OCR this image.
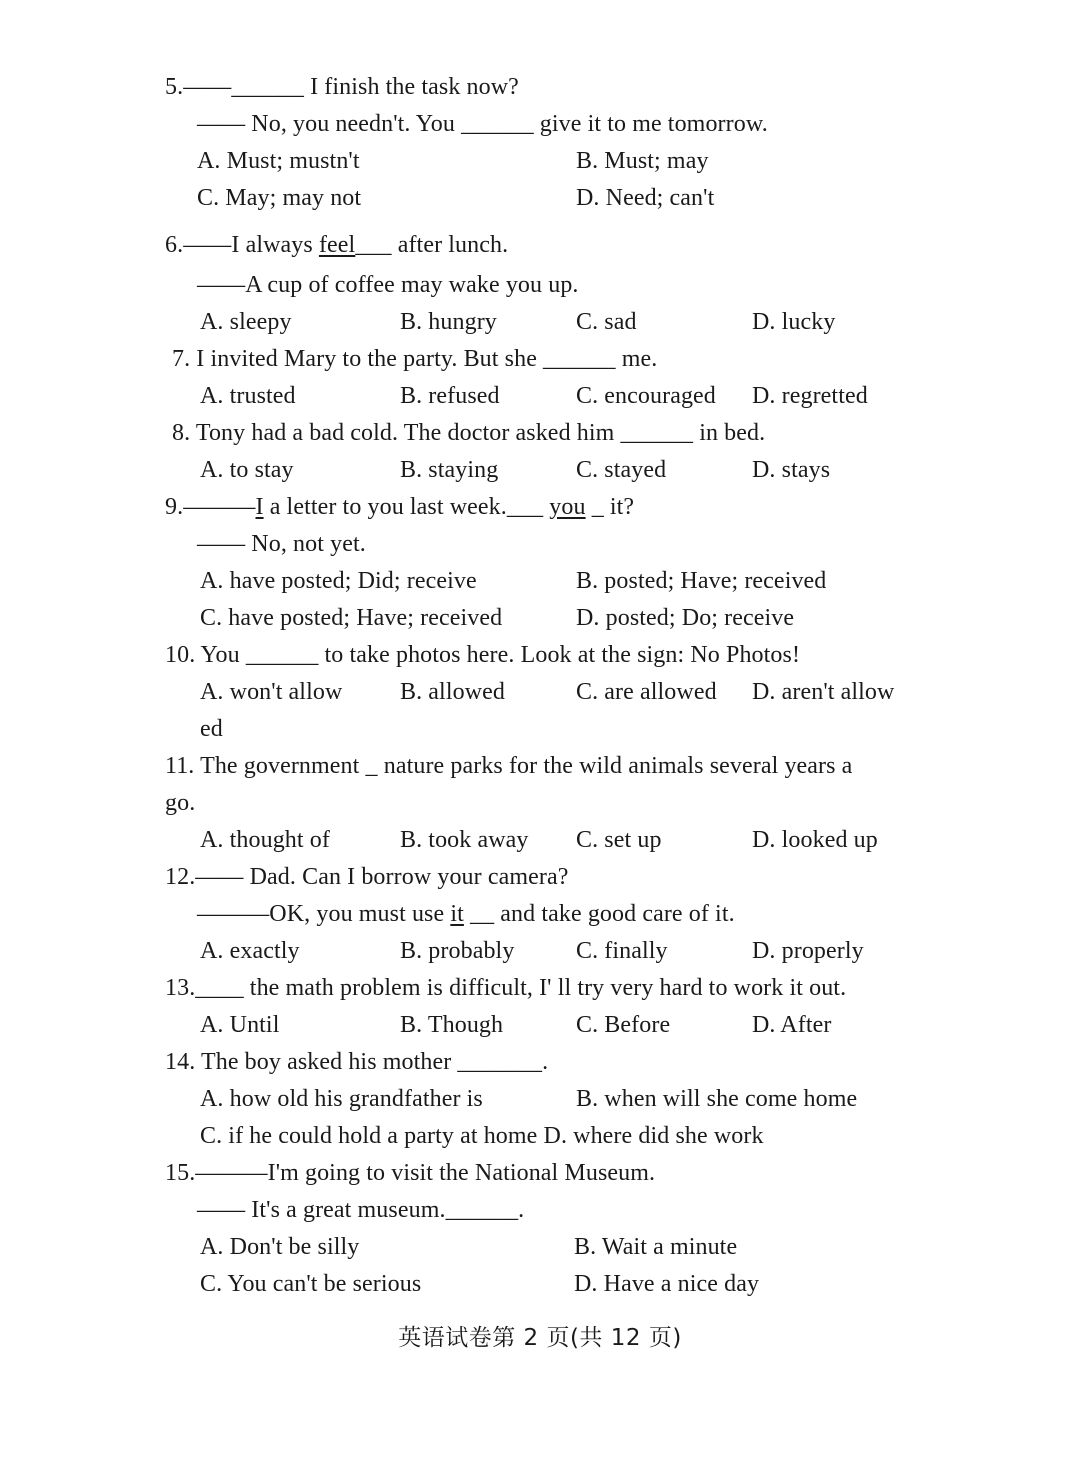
5.——______ I finish the task now?
—— No, you needn't. You ______ give it to me tomorrow.
A. Must; mustn't	B. Must; may
C. May; may not	D. Need; can't
6.——I always feel___ after lunch.
——A cup of coffee may wake you up.
A. sleepy	B. hungry	C. sad	D. lucky
7. I invited Mary to the party. But she ______ me.
A. trusted	B. refused	C. encouraged D. regretted
8. Tony had a bad cold. The doctor asked him ______ in bed.
A. to stay	B. staying	C. stayed	D. stays
9.———I a letter to you last week.___ you _ it?
—— No, not yet.
A. have posted; Did; receive	B. posted; Have; received
C. have posted; Have; received	D. posted; Do; receive
10. You ______ to take photos here. Look at the sign: No Photos!
A. won't allow B. allowed	C. are allowed D. aren't allow
ed
11. The government _ nature parks for the wild animals several years a
go.
A. thought of	B. took away C. set up	D. looked up
12.—— Dad. Can I borrow your camera?
———OK, you must use it __ and take good care of it.
A. exactly	B. probably	C. finally	D. properly
13.____ the math problem is difficult, I' ll try very hard to work it out.
A. Until	B. Though	C. Before	D. After
14. The boy asked his mother _______.
A. how old his grandfather is	B. when will she come home
C. if he could hold a party at home D. where did she work
15.———I'm going to visit the National Museum.
—— It's a great museum.______.
A. Don't be silly	B. Wait a minute
C. You can't be serious	D. Have a nice day
英语试卷第 2 页(共 12 页)
